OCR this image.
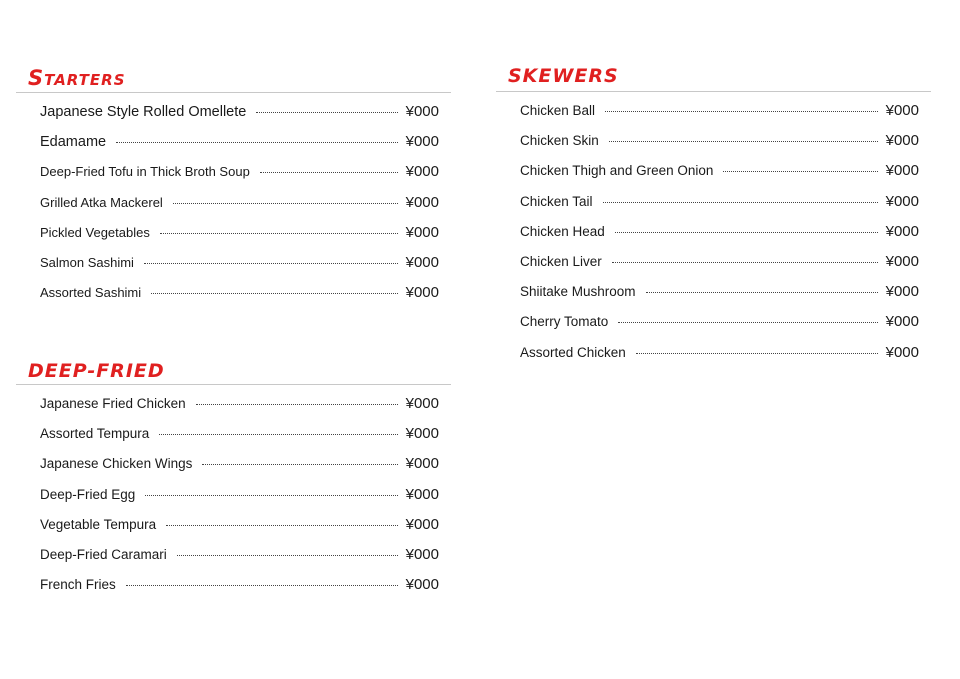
Starters
Japanese Style Rolled Omellete	¥000
Edamame	¥000
Deep-Fried Tofu in Thick Broth Soup	¥000
Grilled Atka Mackerel	¥000
Pickled Vegetables	¥000
Salmon Sashimi	¥000
Assorted Sashimi	¥000
DEEP-FRIED
Japanese Fried Chicken	¥000
Assorted Tempura	¥000
Japanese Chicken Wings	¥000
Deep-Fried Egg	¥000
Vegetable Tempura	¥000
Deep-Fried Caramari	¥000
French Fries	¥000
SKEWERS
Chicken Ball	¥000
Chicken Skin	¥000
Chicken Thigh and Green Onion	¥000
Chicken Tail	¥000
Chicken Head	¥000
Chicken Liver	¥000
Shiitake Mushroom	¥000
Cherry Tomato	¥000
Assorted Chicken	¥000
